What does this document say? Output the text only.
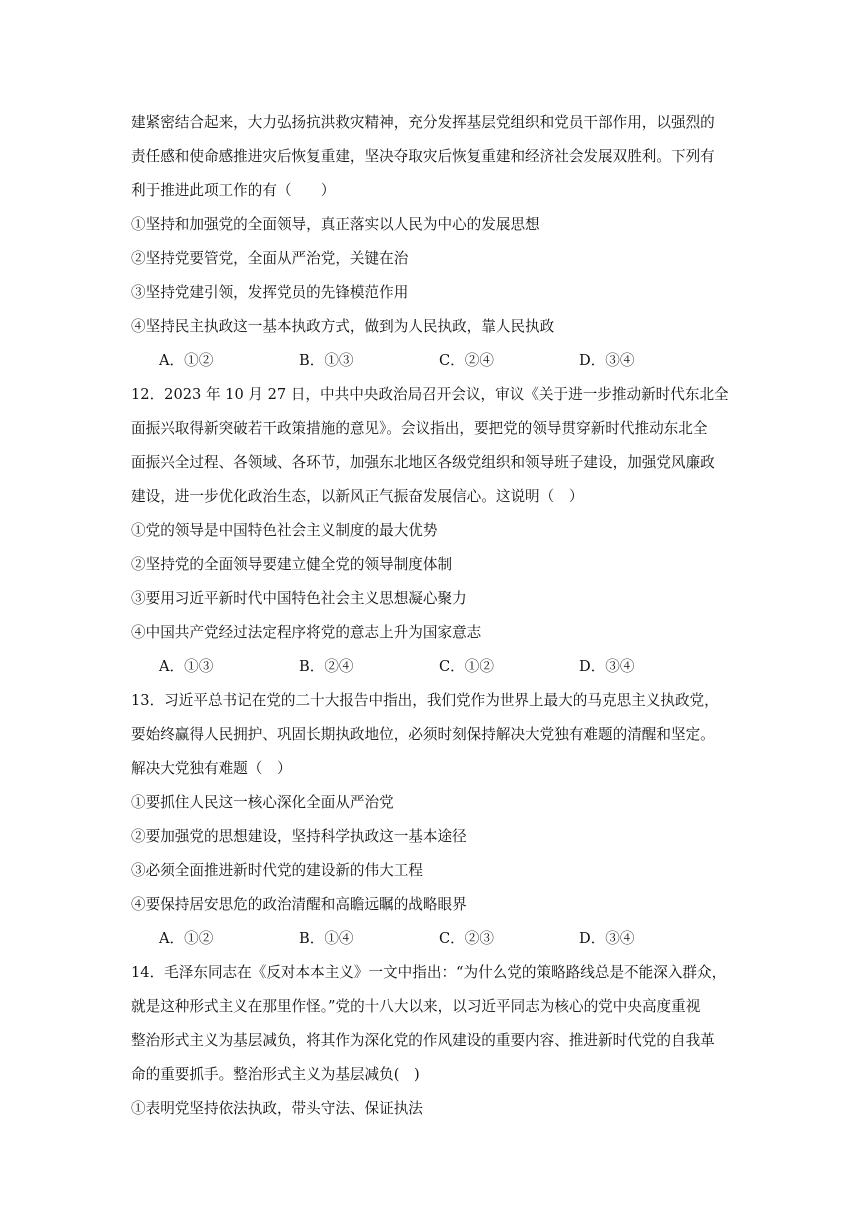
建紧密结合起来，大力弘扬抗洪救灾精神，充分发挥基层党组织和党员干部作用，以强烈的
责任感和使命感推进灾后恢复重建，坚决夺取灾后恢复重建和经济社会发展双胜利。下列有
利于推进此项工作的有（　　）
①坚持和加强党的全面领导，真正落实以人民为中心的发展思想
②坚持党要管党，全面从严治党，关键在治
③坚持党建引领，发挥党员的先锋模范作用
④坚持民主执政这一基本执政方式，做到为人民执政，靠人民执政
A．①②	B．①③	C．②④	D．③④
12．2023 年 10 月 27 日，中共中央政治局召开会议，审议《关于进一步推动新时代东北全
面振兴取得新突破若干政策措施的意见》。会议指出，要把党的领导贯穿新时代推动东北全
面振兴全过程、各领域、各环节，加强东北地区各级党组织和领导班子建设，加强党风廉政
建设，进一步优化政治生态，以新风正气振奋发展信心。这说明（　）
①党的领导是中国特色社会主义制度的最大优势
②坚持党的全面领导要建立健全党的领导制度体制
③要用习近平新时代中国特色社会主义思想凝心聚力
④中国共产党经过法定程序将党的意志上升为国家意志
A．①③	B．②④	C．①②	D．③④
13．习近平总书记在党的二十大报告中指出，我们党作为世界上最大的马克思主义执政党，
要始终赢得人民拥护、巩固长期执政地位，必须时刻保持解决大党独有难题的清醒和坚定。
解决大党独有难题（　）
①要抓住人民这一核心深化全面从严治党
②要加强党的思想建设，坚持科学执政这一基本途径
③必须全面推进新时代党的建设新的伟大工程
④要保持居安思危的政治清醒和高瞻远瞩的战略眼界
A．①②	B．①④	C．②③	D．③④
14．毛泽东同志在《反对本本主义》一文中指出：“为什么党的策略路线总是不能深入群众，
就是这种形式主义在那里作怪。”党的十八大以来，以习近平同志为核心的党中央高度重视
整治形式主义为基层减负，将其作为深化党的作风建设的重要内容、推进新时代党的自我革
命的重要抓手。整治形式主义为基层减负(　)
①表明党坚持依法执政，带头守法、保证执法
